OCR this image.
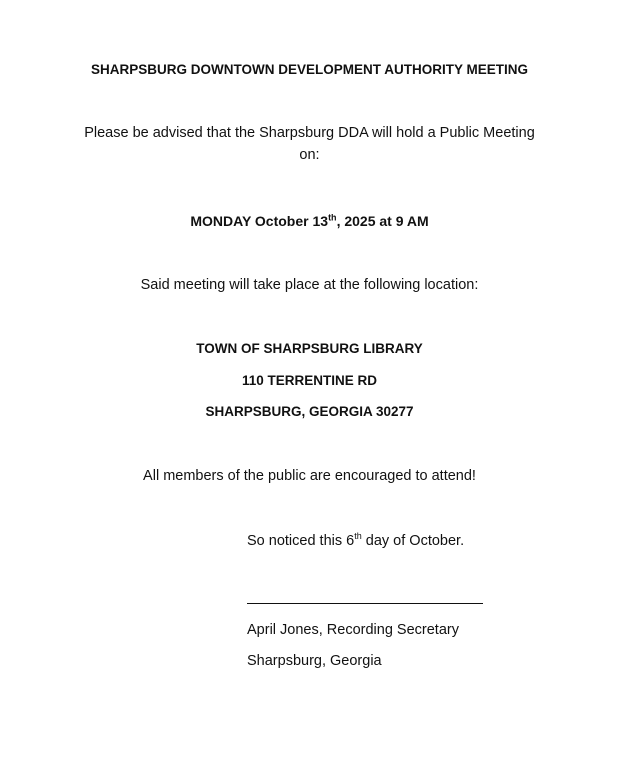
SHARPSBURG DOWNTOWN DEVELOPMENT AUTHORITY MEETING
Please be advised that the Sharpsburg DDA will hold a Public Meeting
on:
MONDAY October 13th, 2025 at 9 AM
Said meeting will take place at the following location:
TOWN OF SHARPSBURG LIBRARY
110 TERRENTINE RD
SHARPSBURG, GEORGIA 30277
All members of the public are encouraged to attend!
So noticed this 6th day of October.
April Jones, Recording Secretary
Sharpsburg, Georgia
